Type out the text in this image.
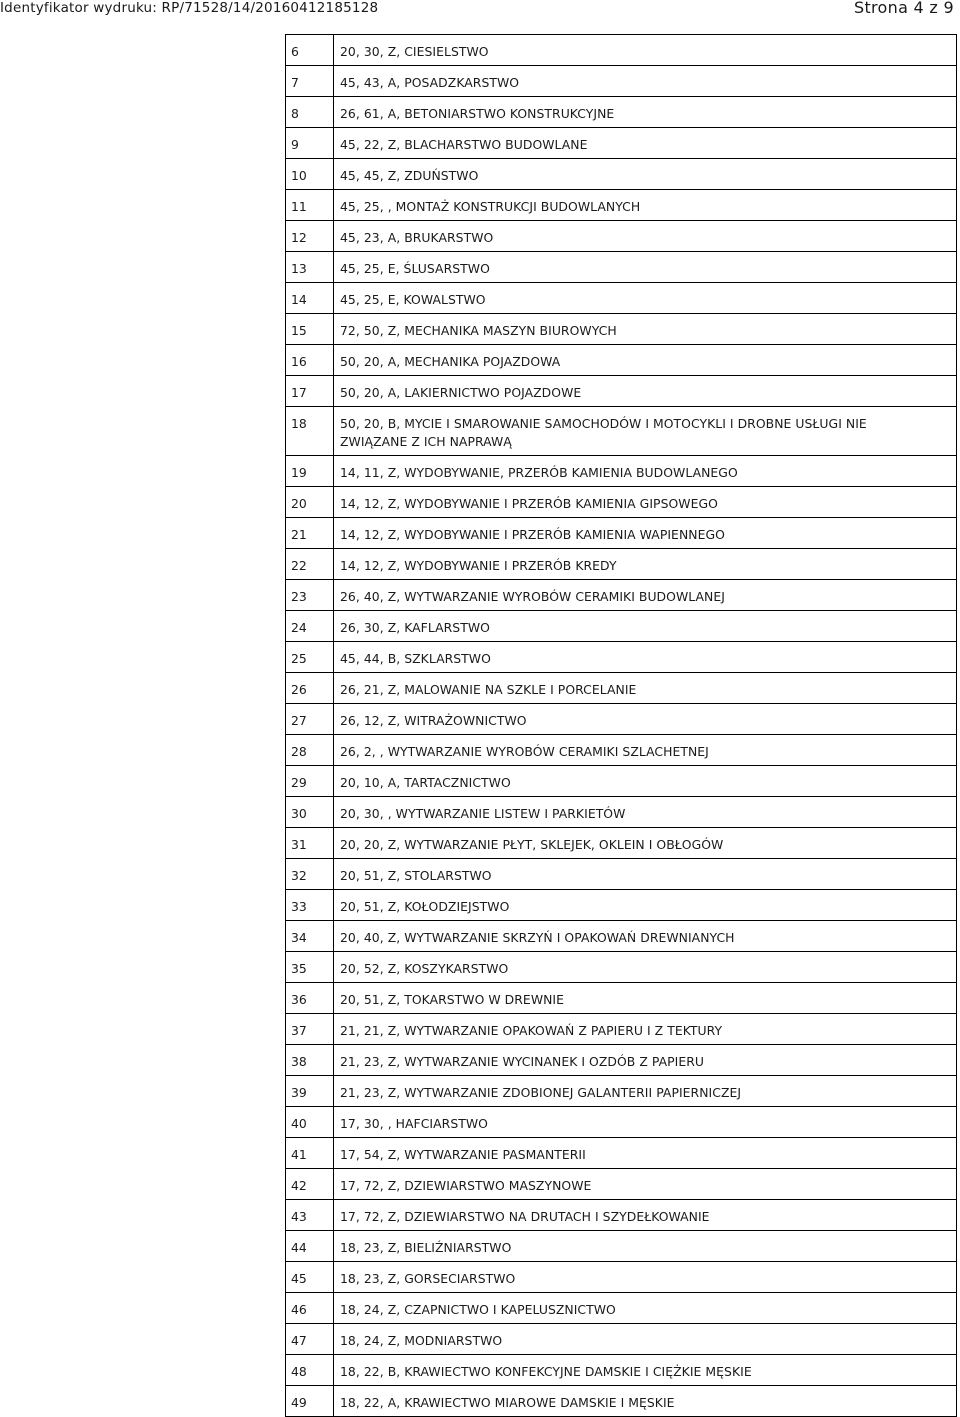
Identyfikator wydruku: RP/71528/14/20160412185128	Strona 4 z 9
6	20, 30, Z, CIESIELSTWO
7	45, 43, A, POSADZKARSTWO
8	26, 61, A, BETONIARSTWO KONSTRUKCYJNE
9	45, 22, Z, BLACHARSTWO BUDOWLANE
10	45, 45, Z, ZDUŃSTWO
11	45, 25, , MONTAŻ KONSTRUKCJI BUDOWLANYCH
12	45, 23, A, BRUKARSTWO
13	45, 25, E, ŚLUSARSTWO
14	45, 25, E, KOWALSTWO
15	72, 50, Z, MECHANIKA MASZYN BIUROWYCH
16	50, 20, A, MECHANIKA POJAZDOWA
17	50, 20, A, LAKIERNICTWO POJAZDOWE
18	50, 20, B, MYCIE I SMAROWANIE SAMOCHODÓW I MOTOCYKLI I DROBNE USŁUGI NIE ZWIĄZANE Z ICH NAPRAWĄ
19	14, 11, Z, WYDOBYWANIE, PRZERÓB KAMIENIA BUDOWLANEGO
20	14, 12, Z, WYDOBYWANIE I PRZERÓB KAMIENIA GIPSOWEGO
21	14, 12, Z, WYDOBYWANIE I PRZERÓB KAMIENIA WAPIENNEGO
22	14, 12, Z, WYDOBYWANIE I PRZERÓB KREDY
23	26, 40, Z, WYTWARZANIE WYROBÓW CERAMIKI BUDOWLANEJ
24	26, 30, Z, KAFLARSTWO
25	45, 44, B, SZKLARSTWO
26	26, 21, Z, MALOWANIE NA SZKLE I PORCELANIE
27	26, 12, Z, WITRAŻOWNICTWO
28	26, 2, , WYTWARZANIE WYROBÓW CERAMIKI SZLACHETNEJ
29	20, 10, A, TARTACZNICTWO
30	20, 30, , WYTWARZANIE LISTEW I PARKIETÓW
31	20, 20, Z, WYTWARZANIE PŁYT, SKLEJEK, OKLEIN I OBŁOGÓW
32	20, 51, Z, STOLARSTWO
33	20, 51, Z, KOŁODZIEJSTWO
34	20, 40, Z, WYTWARZANIE SKRZYŃ I OPAKOWAŃ DREWNIANYCH
35	20, 52, Z, KOSZYKARSTWO
36	20, 51, Z, TOKARSTWO W DREWNIE
37	21, 21, Z, WYTWARZANIE OPAKOWAŃ Z PAPIERU I Z TEKTURY
38	21, 23, Z, WYTWARZANIE WYCINANEK I OZDÓB Z PAPIERU
39	21, 23, Z, WYTWARZANIE ZDOBIONEJ GALANTERII PAPIERNICZEJ
40	17, 30, , HAFCIARSTWO
41	17, 54, Z, WYTWARZANIE PASMANTERII
42	17, 72, Z, DZIEWIARSTWO MASZYNOWE
43	17, 72, Z, DZIEWIARSTWO NA DRUTACH I SZYDEŁKOWANIE
44	18, 23, Z, BIELIŹNIARSTWO
45	18, 23, Z, GORSECIARSTWO
46	18, 24, Z, CZAPNICTWO I KAPELUSZNICTWO
47	18, 24, Z, MODNIARSTWO
48	18, 22, B, KRAWIECTWO KONFEKCYJNE DAMSKIE I CIĘŻKIE MĘSKIE
49	18, 22, A, KRAWIECTWO MIAROWE DAMSKIE I MĘSKIE
